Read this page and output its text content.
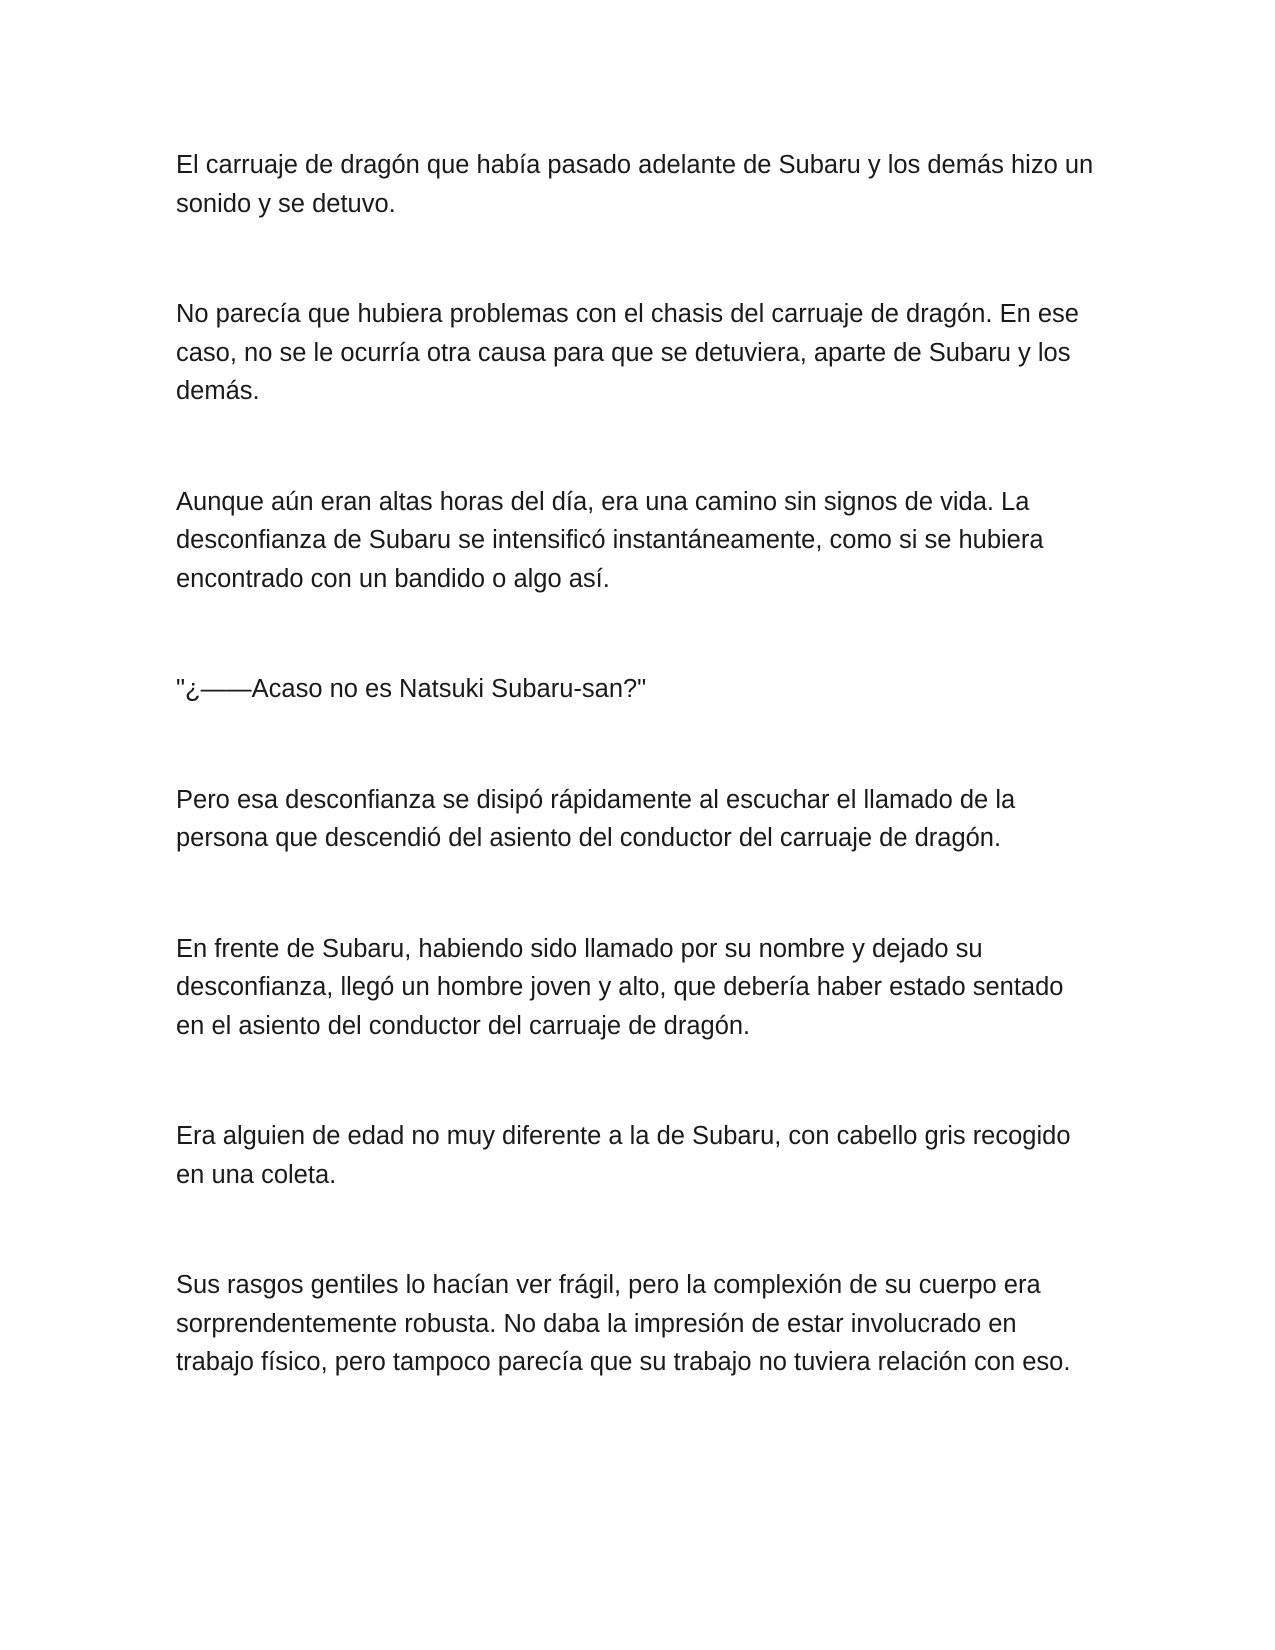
El carruaje de dragón que había pasado adelante de Subaru y los demás hizo un sonido y se detuvo.

No parecía que hubiera problemas con el chasis del carruaje de dragón. En ese caso, no se le ocurría otra causa para que se detuviera, aparte de Subaru y los demás.

Aunque aún eran altas horas del día, era una camino sin signos de vida. La desconfianza de Subaru se intensificó instantáneamente, como si se hubiera encontrado con un bandido o algo así.

"¿——Acaso no es Natsuki Subaru-san?"

Pero esa desconfianza se disipó rápidamente al escuchar el llamado de la persona que descendió del asiento del conductor del carruaje de dragón.

En frente de Subaru, habiendo sido llamado por su nombre y dejado su desconfianza, llegó un hombre joven y alto, que debería haber estado sentado en el asiento del conductor del carruaje de dragón.

Era alguien de edad no muy diferente a la de Subaru, con cabello gris recogido en una coleta.

Sus rasgos gentiles lo hacían ver frágil, pero la complexión de su cuerpo era sorprendentemente robusta. No daba la impresión de estar involucrado en trabajo físico, pero tampoco parecía que su trabajo no tuviera relación con eso.
